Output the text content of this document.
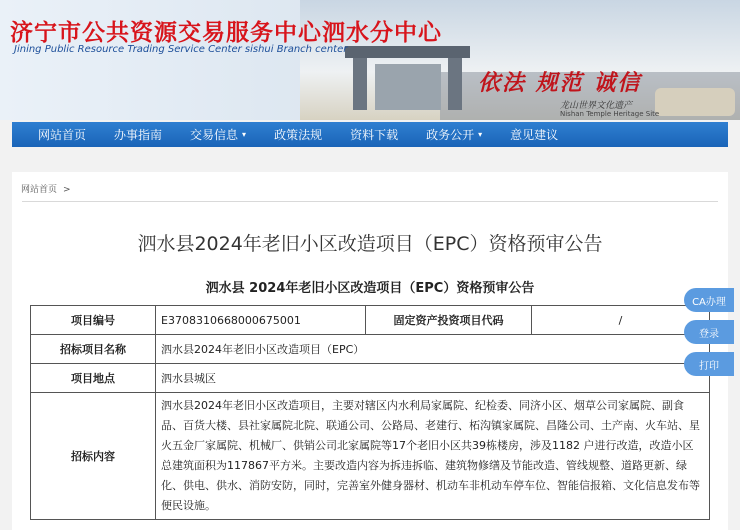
济宁市公共资源交易服务中心泗水分中心
Jining Public Resource Trading Service Center sishui Branch center
依法 规范 诚信
龙山世界文化遗产
Nishan Temple Heritage Site
网站首页 办事指南 交易信息 ▾ 政策法规 资料下载 政务公开 ▾ 意见建议
网站首页 >
泗水县2024年老旧小区改造项目（EPC）资格预审公告
泗水县 2024年老旧小区改造项目（EPC）资格预审公告
项目编号	E3708310668000675001	固定资产投资项目代码	/
招标项目名称	泗水县2024年老旧小区改造项目（EPC）		
项目地点	泗水县城区		
招标内容	泗水县2024年老旧小区改造项目，主要对辖区内水利局家属院、纪检委、同济小区、烟草公司家属院、副食品、百货大楼、县社家属院北院、联通公司、公路局、老建行、柘沟镇家属院、昌隆公司、土产南、火车站、星火五金厂家属院、机械厂、供销公司北家属院等17个老旧小区共39栋楼房，涉及1182 户进行改造，改造小区总建筑面积为117867平方米。主要改造内容为拆违拆临、建筑物修缮及节能改造、管线规整、道路更新、绿化、供电、供水、消防安防，同时，完善室外健身器材、机动车非机动车停车位、智能信报箱、文化信息发布等便民设施。		
CA办理
登录
打印
